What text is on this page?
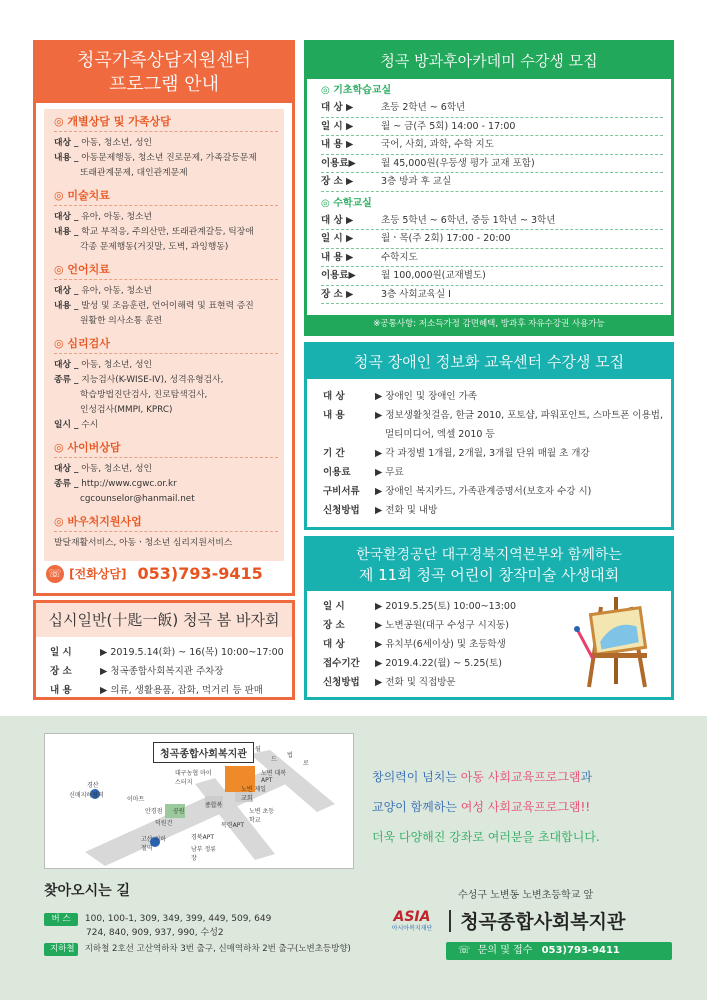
청곡가족상담지원센터
프로그램 안내
◎ 개별상담 및 가족상담
대상 _ 아동, 청소년, 성인
내용 _ 아동문제행동, 청소년 진로문제, 가족갈등문제
또래관계문제, 대인관계문제
◎ 미술치료
대상 _ 유아, 아동, 청소년
내용 _ 학교 부적응, 주의산만, 또래관계갈등, 틱장애
각종 문제행동(거짓말, 도벽, 과잉행동)
◎ 언어치료
대상 _ 유아, 아동, 청소년
내용 _ 발성 및 조음훈련, 언어이해력 및 표현력 증진
원활한 의사소통 훈련
◎ 심리검사
대상 _ 아동, 청소년, 성인
종류 _ 지능검사(K-WISE-IV), 성격유형검사,
학습방법진단검사, 진로탐색검사,
인성검사(MMPI, KPRC)
일시 _ 수시
◎ 사이버상담
대상 _ 아동, 청소년, 성인
종류 _ http://www.cgwc.or.kr
cgcounselor@hanmail.net
◎ 바우처지원사업
발달재활서비스, 아동ㆍ청소년 심리지원서비스
☏ [전화상담] 053)793-9415
십시일반(十匙一飯) 청곡 봄 바자회
일 시	▶ 2019.5.14(화) ~ 16(목) 10:00~17:00
장 소	▶ 청곡종합사회복지관 주차장
내 용	▶ 의류, 생활용품, 잡화, 먹거리 등 판매
청곡 방과후아카데미 수강생 모집
◎ 기초학습교실
대 상 ▶	초등 2학년 ~ 6학년
일 시 ▶	월 ~ 금(주 5회) 14:00 - 17:00
내 용 ▶	국어, 사회, 과학, 수학 지도
이용료▶	월 45,000원(우등생 평가 교재 포함)
장 소 ▶	3층 방과 후 교실
◎ 수학교실
대 상 ▶	초등 5학년 ~ 6학년, 중등 1학년 ~ 3학년
일 시 ▶	월ㆍ목(주 2회) 17:00 - 20:00
내 용 ▶	수학지도
이용료▶	월 100,000원(교재별도)
장 소 ▶	3층 사회교육실 I
※공통사항: 저소득가정 감면혜택, 방과후 자유수강권 사용가능
청곡 장애인 정보화 교육센터 수강생 모집
대 상	▶ 장애인 및 장애인 가족
내 용	▶ 정보생활첫걸음, 한글 2010, 포토샵, 파워포인트, 스마트폰 이용법,
멀티미디어, 엑셀 2010 등
기 간	▶ 각 과정별 1개월, 2개월, 3개월 단위 매월 초 개강
이용료	▶ 무료
구비서류 ▶ 장애인 복지카드, 가족관계증명서(보호자 수강 시)
신청방법 ▶ 전화 및 내방
한국환경공단 대구경북지역본부와 함께하는
제 11회 청곡 어린이 창작미술 사생대회
일 시	▶ 2019.5.25(토) 10:00~13:00
장 소	▶ 노변공원(대구 수성구 시지동)
대 상	▶ 유치부(6세이상) 및 초등학생
접수기간 ▶ 2019.4.22(월) ~ 5.25(토)
신청방법 ▶ 전화 및 직접방문
청곡종합사회복지관
경산
신매지하철역
대구농협 마이스터지
노변 대복APT
노변 제일교회
노변 초등학교
이마트
안경점 공원
종합복
목련APT
고산 지하철역
경북APT
남부 정류장
덕원건
월
드
법
로
창의력이 넘치는 아동 사회교육프로그램과
교양이 함께하는 여성 사회교육프로그램!!
더욱 다양해진 강좌로 여러분을 초대합니다.
찾아오시는 길
버 스 100, 100-1, 309, 349, 399, 449, 509, 649
724, 840, 909, 937, 990, 수성2
지하철 지하철 2호선 고산역하차 3번 출구, 신매역하차 2번 출구(노변초등방향)
수성구 노변동 노변초등학교 앞
ASIA
아시아복지재단	청곡종합사회복지관
☏ 문의 및 접수 053)793-9411
